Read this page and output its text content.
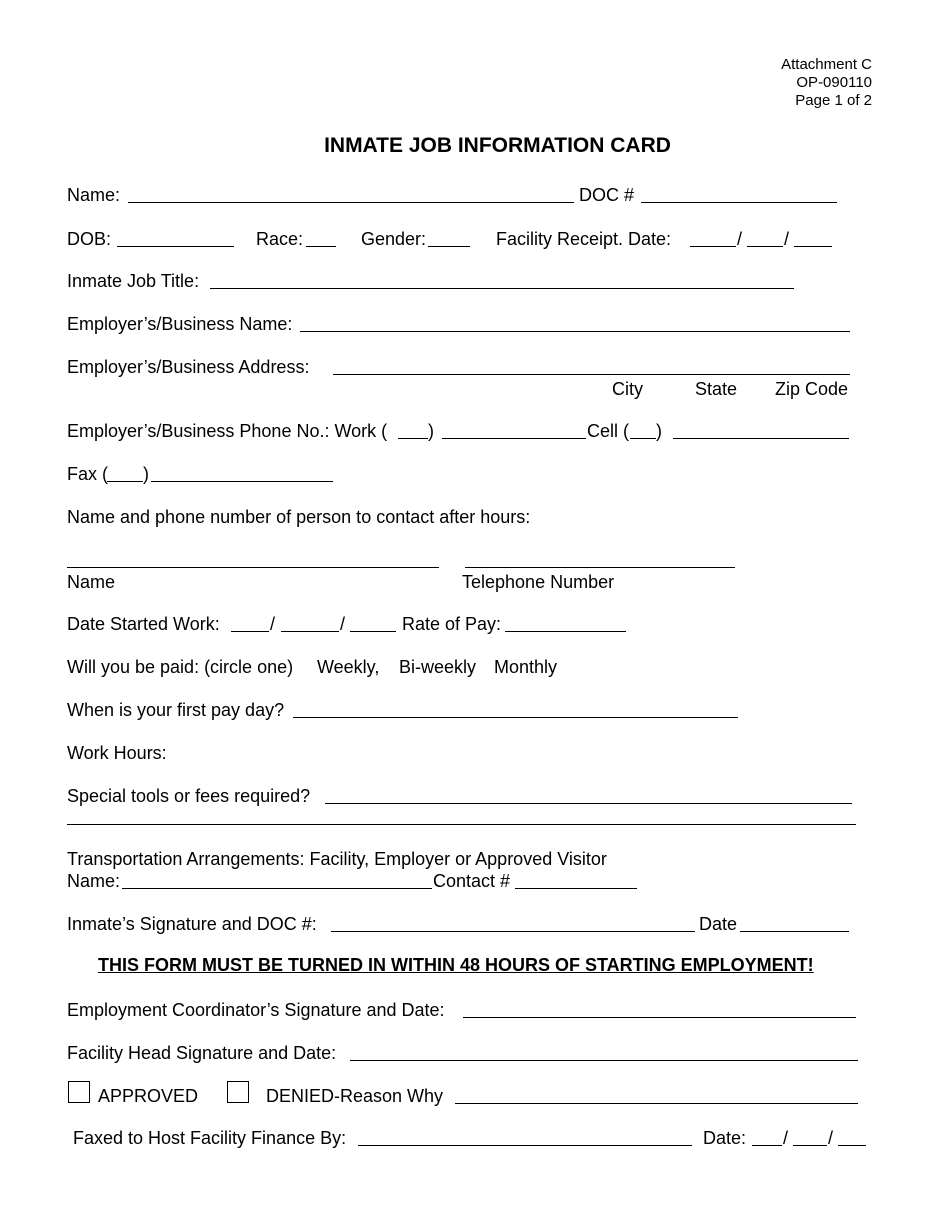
Attachment C
OP-090110
Page 1 of 2
INMATE JOB INFORMATION CARD
Name:	DOC #
DOB:	Race:	Gender:	Facility Receipt. Date:	/ /
Inmate Job Title:
Employer’s/Business Name:
Employer’s/Business Address:
City	State Zip Code
Employer’s/Business Phone No.: Work ( )	Cell ( )
Fax ( )
Name and phone number of person to contact after hours:
Name	Telephone Number
Date Started Work:	/	/	Rate of Pay:
Will you be paid: (circle one) Weekly, Bi-weekly Monthly
When is your first pay day?
Work Hours:
Special tools or fees required?
Transportation Arrangements: Facility, Employer or Approved Visitor
Name:	Contact #
Inmate’s Signature and DOC #:	Date
THIS FORM MUST BE TURNED IN WITHIN 48 HOURS OF STARTING EMPLOYMENT!
Employment Coordinator’s Signature and Date:
Facility Head Signature and Date:
APPROVED	DENIED-Reason Why
Faxed to Host Facility Finance By:	Date: / /
